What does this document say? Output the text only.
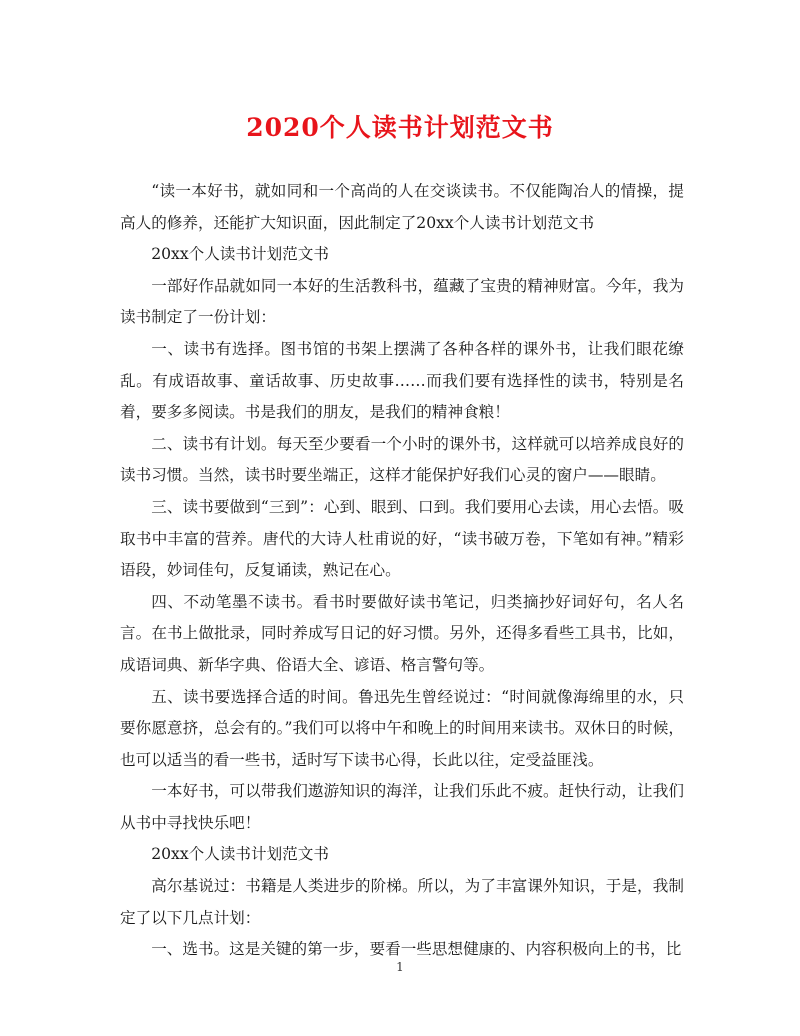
2020个人读书计划范文书

“读一本好书，就如同和一个高尚的人在交谈读书。不仅能陶冶人的情操，提高人的修养，还能扩大知识面，因此制定了20xx个人读书计划范文书

20xx个人读书计划范文书

一部好作品就如同一本好的生活教科书，蕴藏了宝贵的精神财富。今年，我为读书制定了一份计划：

一、读书有选择。图书馆的书架上摆满了各种各样的课外书，让我们眼花缭乱。有成语故事、童话故事、历史故事……而我们要有选择性的读书，特别是名着，要多多阅读。书是我们的朋友，是我们的精神食粮！

二、读书有计划。每天至少要看一个小时的课外书，这样就可以培养成良好的读书习惯。当然，读书时要坐端正，这样才能保护好我们心灵的窗户——眼睛。

三、读书要做到“三到”：心到、眼到、口到。我们要用心去读，用心去悟。吸取书中丰富的营养。唐代的大诗人杜甫说的好，“读书破万卷，下笔如有神。”精彩语段，妙词佳句，反复诵读，熟记在心。

四、不动笔墨不读书。看书时要做好读书笔记，归类摘抄好词好句，名人名言。在书上做批录，同时养成写日记的好习惯。另外，还得多看些工具书，比如，成语词典、新华字典、俗语大全、谚语、格言警句等。

五、读书要选择合适的时间。鲁迅先生曾经说过：“时间就像海绵里的水，只要你愿意挤，总会有的。”我们可以将中午和晚上的时间用来读书。双休日的时候，也可以适当的看一些书，适时写下读书心得，长此以往，定受益匪浅。

一本好书，可以带我们遨游知识的海洋，让我们乐此不疲。赶快行动，让我们从书中寻找快乐吧！

20xx个人读书计划范文书

高尔基说过：书籍是人类进步的阶梯。所以，为了丰富课外知识，于是，我制定了以下几点计划：

一、选书。这是关键的第一步，要看一些思想健康的、内容积极向上的书，比

1
